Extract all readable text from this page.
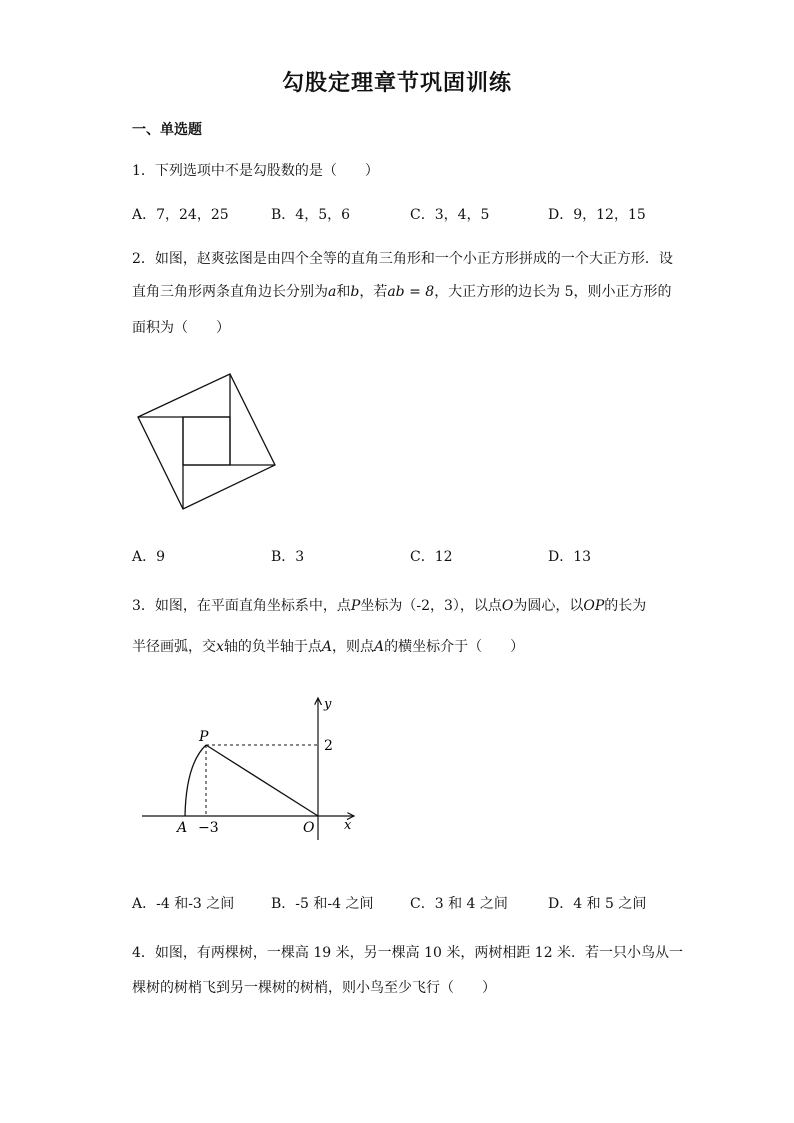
勾股定理章节巩固训练
一、单选题
1．下列选项中不是勾股数的是（　　）
A．7，24，25	B．4，5，6	C．3，4，5	D．9，12，15
2．如图，赵爽弦图是由四个全等的直角三角形和一个小正方形拼成的一个大正方形．设
直角三角形两条直角边长分别为a和b，若ab = 8，大正方形的边长为 5，则小正方形的
面积为（　　）
A．9	B．3	C．12	D．13
3．如图，在平面直角坐标系中，点P坐标为（-2，3），以点O为圆心，以OP的长为
半径画弧，交x轴的负半轴于点A，则点A的横坐标介于（　　）
y
x
P
A	O
2
−3
A．-4 和-3 之间	B．-5 和-4 之间	C．3 和 4 之间	D．4 和 5 之间
4．如图，有两棵树，一棵高 19 米，另一棵高 10 米，两树相距 12 米．若一只小鸟从一
棵树的树梢飞到另一棵树的树梢，则小鸟至少飞行（　　）
